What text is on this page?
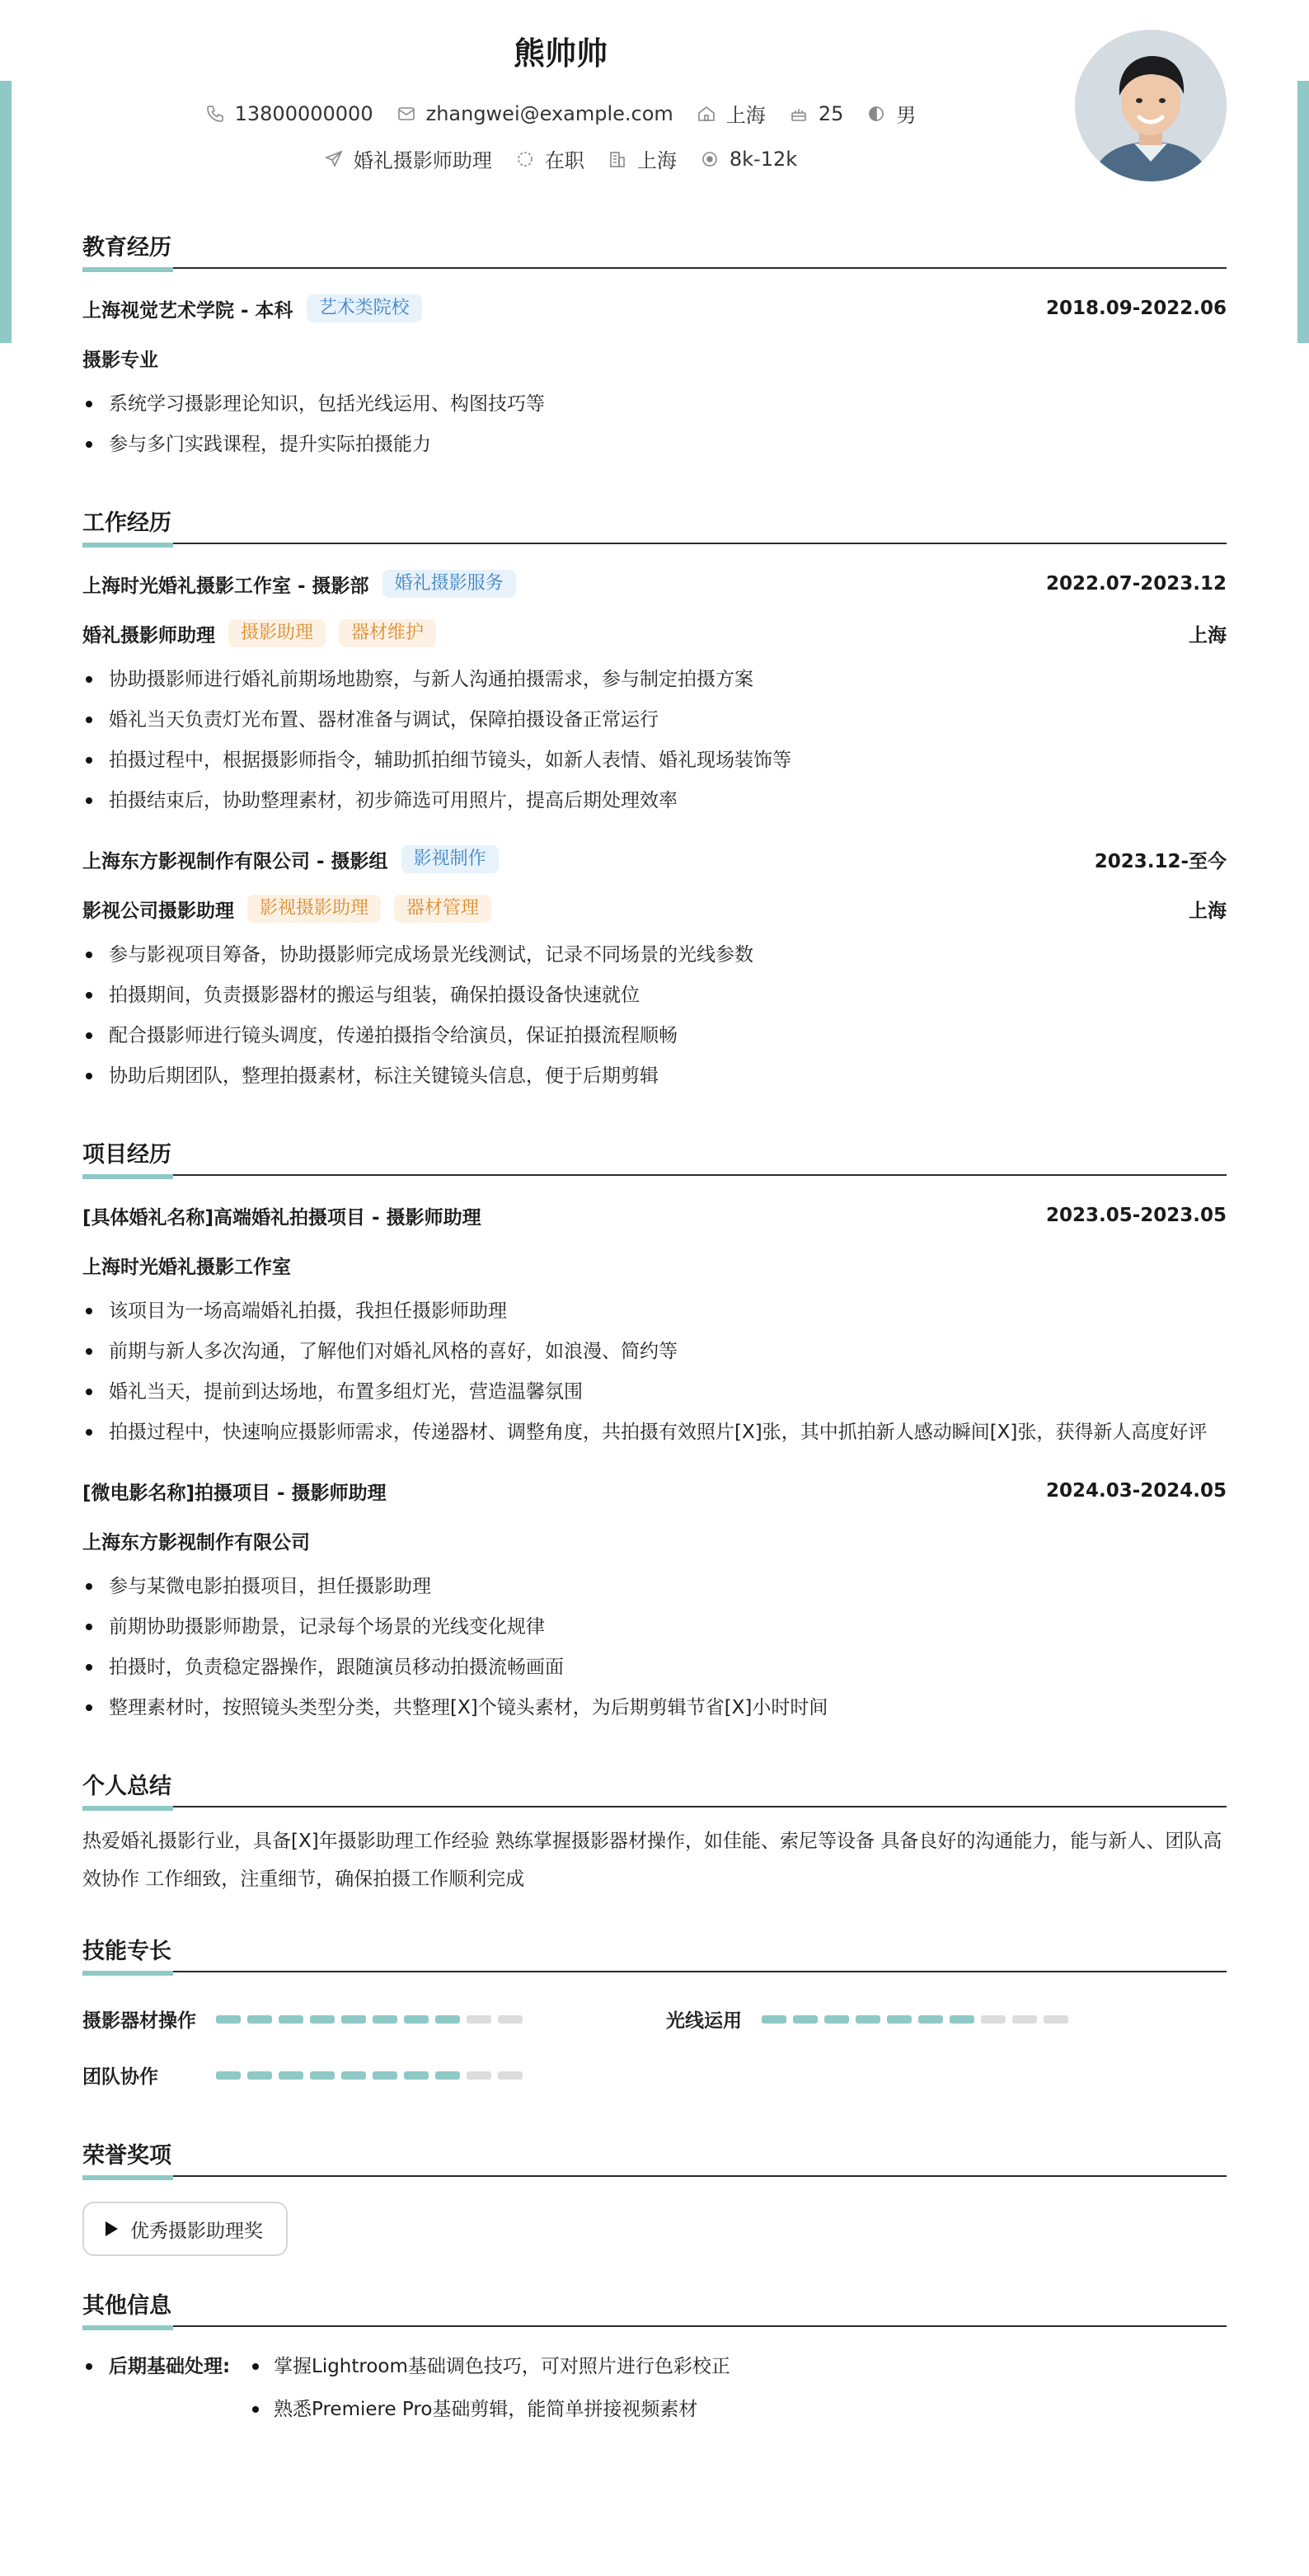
熊帅帅
13800000000	zhangwei@example.com	上海	25	男
婚礼摄影师助理	在职	上海	8k-12k
教育经历
上海视觉艺术学院 - 本科	艺术类院校	2018.09-2022.06
摄影专业
系统学习摄影理论知识，包括光线运用、构图技巧等
参与多门实践课程，提升实际拍摄能力
工作经历
上海时光婚礼摄影工作室 - 摄影部	婚礼摄影服务	2022.07-2023.12
婚礼摄影师助理	摄影助理	器材维护	上海
协助摄影师进行婚礼前期场地勘察，与新人沟通拍摄需求，参与制定拍摄方案
婚礼当天负责灯光布置、器材准备与调试，保障拍摄设备正常运行
拍摄过程中，根据摄影师指令，辅助抓拍细节镜头，如新人表情、婚礼现场装饰等
拍摄结束后，协助整理素材，初步筛选可用照片，提高后期处理效率
上海东方影视制作有限公司 - 摄影组	影视制作	2023.12-至今
影视公司摄影助理	影视摄影助理	器材管理	上海
参与影视项目筹备，协助摄影师完成场景光线测试，记录不同场景的光线参数
拍摄期间，负责摄影器材的搬运与组装，确保拍摄设备快速就位
配合摄影师进行镜头调度，传递拍摄指令给演员，保证拍摄流程顺畅
协助后期团队，整理拍摄素材，标注关键镜头信息，便于后期剪辑
项目经历
[具体婚礼名称]高端婚礼拍摄项目 - 摄影师助理	2023.05-2023.05
上海时光婚礼摄影工作室
该项目为一场高端婚礼拍摄，我担任摄影师助理
前期与新人多次沟通，了解他们对婚礼风格的喜好，如浪漫、简约等
婚礼当天，提前到达场地，布置多组灯光，营造温馨氛围
拍摄过程中，快速响应摄影师需求，传递器材、调整角度，共拍摄有效照片[X]张，其中抓拍新人感动瞬间[X]张，获得新人高度好评
[微电影名称]拍摄项目 - 摄影师助理	2024.03-2024.05
上海东方影视制作有限公司
参与某微电影拍摄项目，担任摄影助理
前期协助摄影师勘景，记录每个场景的光线变化规律
拍摄时，负责稳定器操作，跟随演员移动拍摄流畅画面
整理素材时，按照镜头类型分类，共整理[X]个镜头素材，为后期剪辑节省[X]小时时间
个人总结
热爱婚礼摄影行业，具备[X]年摄影助理工作经验 熟练掌握摄影器材操作，如佳能、索尼等设备 具备良好的沟通能力，能与新人、团队高效协作 工作细致，注重细节，确保拍摄工作顺利完成
技能专长
摄影器材操作	光线运用
团队协作
荣誉奖项
优秀摄影助理奖
其他信息
后期基础处理: 掌握Lightroom基础调色技巧，可对照片进行色彩校正
熟悉Premiere Pro基础剪辑，能简单拼接视频素材
